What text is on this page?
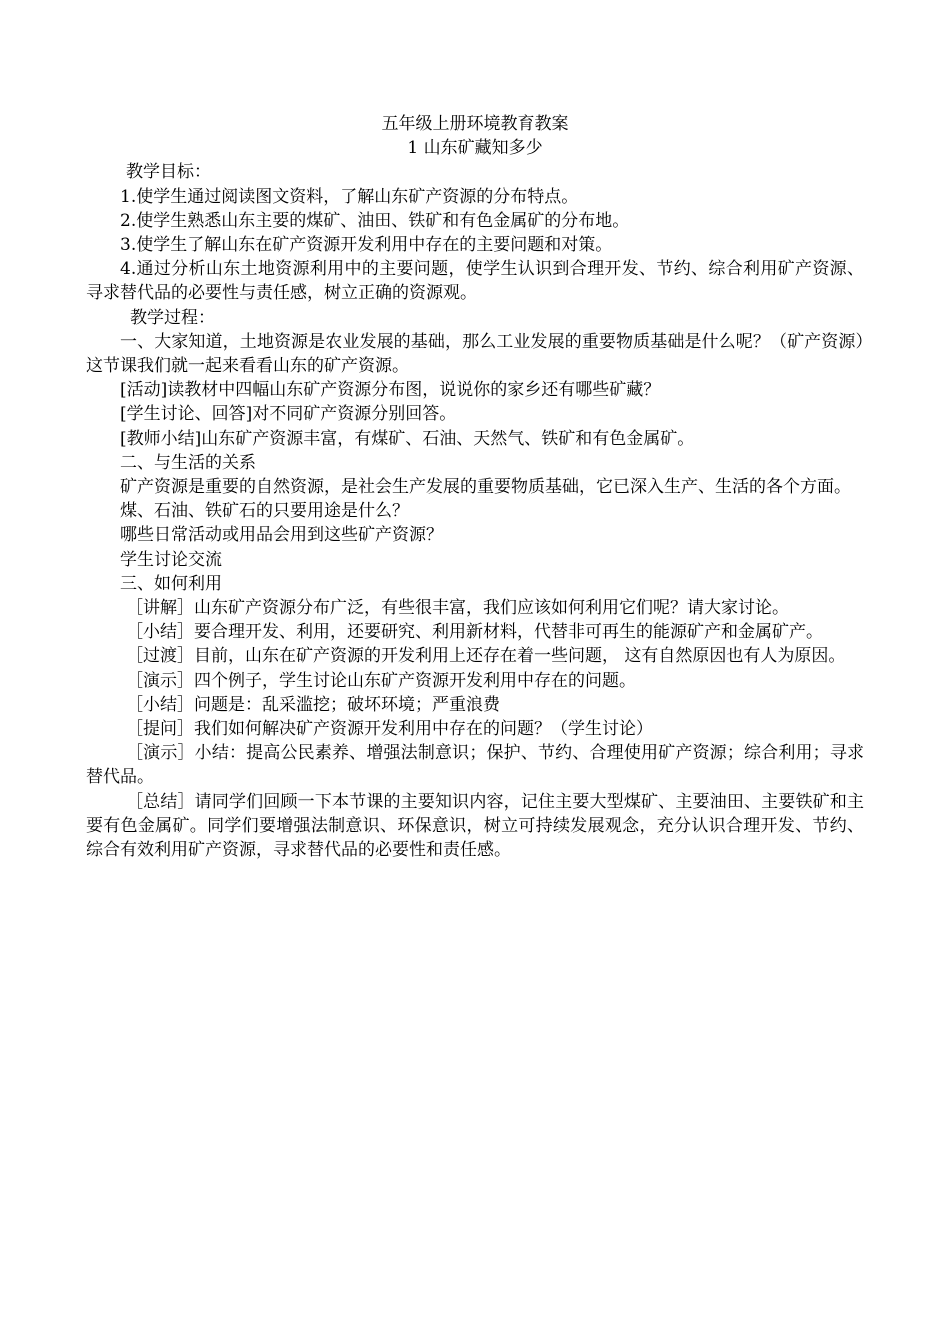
五年级上册环境教育教案
1 山东矿藏知多少

教学目标：

1.使学生通过阅读图文资料，了解山东矿产资源的分布特点。

2.使学生熟悉山东主要的煤矿、油田、铁矿和有色金属矿的分布地。

3.使学生了解山东在矿产资源开发利用中存在的主要问题和对策。

4.通过分析山东土地资源利用中的主要问题，使学生认识到合理开发、节约、综合利用矿产资源、寻求替代品的必要性与责任感，树立正确的资源观。

教学过程：

一、大家知道，土地资源是农业发展的基础，那么工业发展的重要物质基础是什么呢？（矿产资源）这节课我们就一起来看看山东的矿产资源。

[活动]读教材中四幅山东矿产资源分布图，说说你的家乡还有哪些矿藏？

[学生讨论、回答]对不同矿产资源分别回答。

[教师小结]山东矿产资源丰富，有煤矿、石油、天然气、铁矿和有色金属矿。

二、与生活的关系

矿产资源是重要的自然资源，是社会生产发展的重要物质基础，它已深入生产、生活的各个方面。

煤、石油、铁矿石的只要用途是什么？

哪些日常活动或用品会用到这些矿产资源？

学生讨论交流

三、如何利用

［讲解］山东矿产资源分布广泛，有些很丰富，我们应该如何利用它们呢？请大家讨论。

［小结］要合理开发、利用，还要研究、利用新材料，代替非可再生的能源矿产和金属矿产。

［过渡］目前，山东在矿产资源的开发利用上还存在着一些问题， 这有自然原因也有人为原因。

［演示］四个例子，学生讨论山东矿产资源开发利用中存在的问题。

［小结］问题是：乱采滥挖；破坏环境；严重浪费

［提问］我们如何解决矿产资源开发利用中存在的问题？（学生讨论）

［演示］小结：提高公民素养、增强法制意识；保护、节约、合理使用矿产资源；综合利用；寻求替代品。

［总结］请同学们回顾一下本节课的主要知识内容，记住主要大型煤矿、主要油田、主要铁矿和主要有色金属矿。同学们要增强法制意识、环保意识，树立可持续发展观念，充分认识合理开发、节约、综合有效利用矿产资源，寻求替代品的必要性和责任感。
